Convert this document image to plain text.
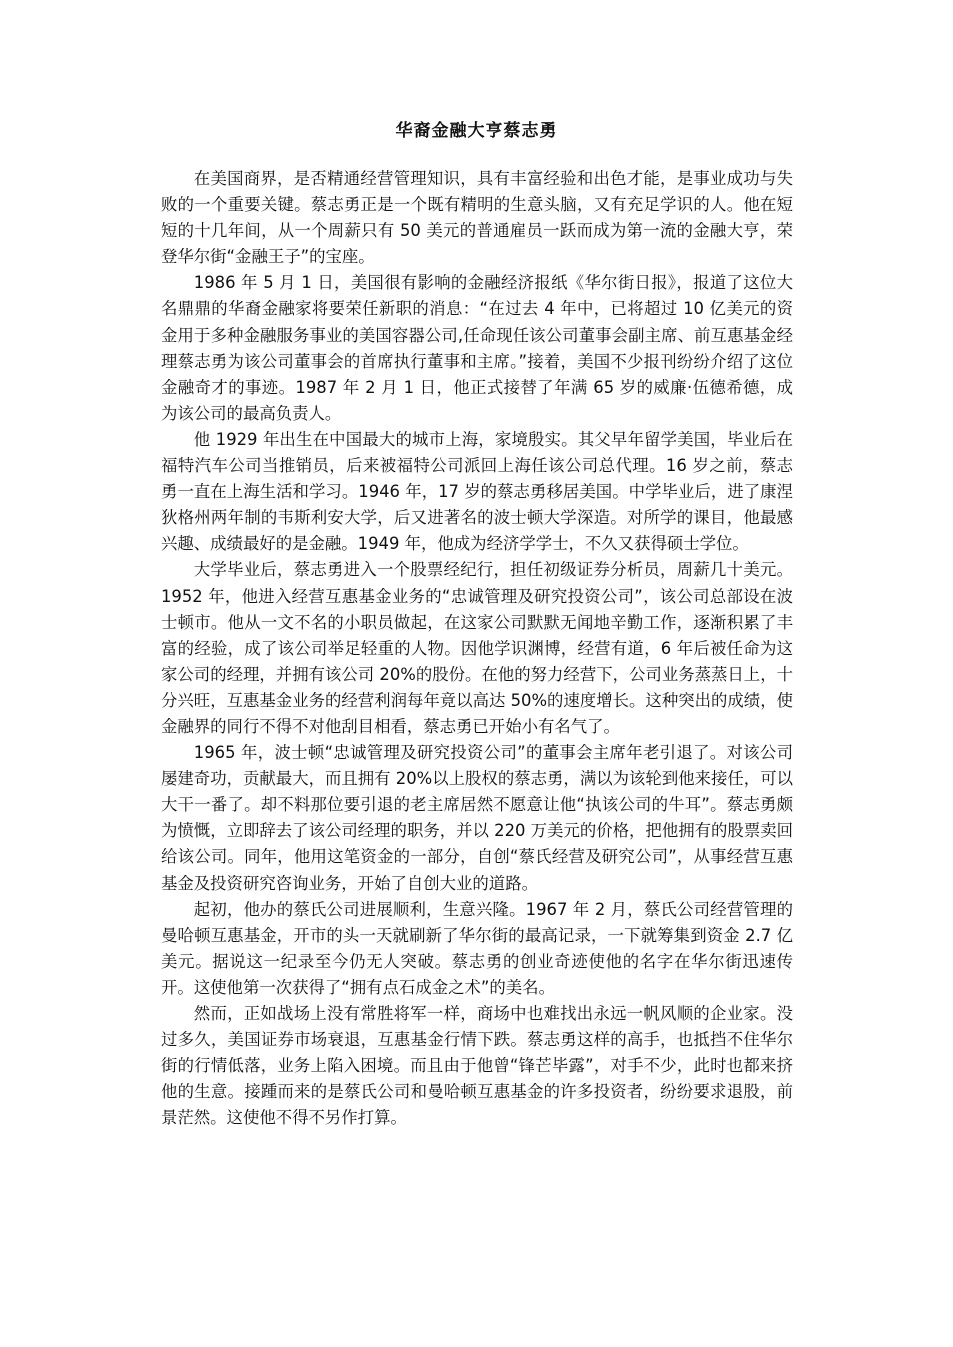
华裔金融大亨蔡志勇

在美国商界，是否精通经营管理知识，具有丰富经验和出色才能，是事业成功与失败的一个重要关键。蔡志勇正是一个既有精明的生意头脑，又有充足学识的人。他在短短的十几年间，从一个周薪只有 50 美元的普通雇员一跃而成为第一流的金融大亨，荣登华尔街“金融王子”的宝座。

1986 年 5 月 1 日，美国很有影响的金融经济报纸《华尔街日报》，报道了这位大名鼎鼎的华裔金融家将要荣任新职的消息：“在过去 4 年中，已将超过 10 亿美元的资金用于多种金融服务事业的美国容器公司,任命现任该公司董事会副主席、前互惠基金经理蔡志勇为该公司董事会的首席执行董事和主席。”接着，美国不少报刊纷纷介绍了这位金融奇才的事迹。1987 年 2 月 1 日，他正式接替了年满 65 岁的威廉·伍德希德，成为该公司的最高负责人。

他 1929 年出生在中国最大的城市上海，家境殷实。其父早年留学美国，毕业后在福特汽车公司当推销员，后来被福特公司派回上海任该公司总代理。16 岁之前，蔡志勇一直在上海生活和学习。1946 年，17 岁的蔡志勇移居美国。中学毕业后，进了康涅狄格州两年制的韦斯利安大学，后又进著名的波士顿大学深造。对所学的课目，他最感兴趣、成绩最好的是金融。1949 年，他成为经济学学士，不久又获得硕士学位。

大学毕业后，蔡志勇进入一个股票经纪行，担任初级证券分析员，周薪几十美元。1952 年，他进入经营互惠基金业务的“忠诚管理及研究投资公司”，该公司总部设在波士顿市。他从一文不名的小职员做起，在这家公司默默无闻地辛勤工作，逐渐积累了丰富的经验，成了该公司举足轻重的人物。因他学识渊博，经营有道，6 年后被任命为这家公司的经理，并拥有该公司 20%的股份。在他的努力经营下，公司业务蒸蒸日上，十分兴旺，互惠基金业务的经营利润每年竟以高达 50%的速度增长。这种突出的成绩，使金融界的同行不得不对他刮目相看，蔡志勇已开始小有名气了。

1965 年，波士顿“忠诚管理及研究投资公司”的董事会主席年老引退了。对该公司屡建奇功，贡献最大，而且拥有 20%以上股权的蔡志勇，满以为该轮到他来接任，可以大干一番了。却不料那位要引退的老主席居然不愿意让他“执该公司的牛耳”。蔡志勇颇为愤慨，立即辞去了该公司经理的职务，并以 220 万美元的价格，把他拥有的股票卖回给该公司。同年，他用这笔资金的一部分，自创“蔡氏经营及研究公司”，从事经营互惠基金及投资研究咨询业务，开始了自创大业的道路。

起初，他办的蔡氏公司进展顺利，生意兴隆。1967 年 2 月，蔡氏公司经营管理的曼哈顿互惠基金，开市的头一天就刷新了华尔街的最高记录，一下就筹集到资金 2.7 亿美元。据说这一纪录至今仍无人突破。蔡志勇的创业奇迹使他的名字在华尔街迅速传开。这使他第一次获得了“拥有点石成金之术”的美名。

然而，正如战场上没有常胜将军一样，商场中也难找出永远一帆风顺的企业家。没过多久，美国证券市场衰退，互惠基金行情下跌。蔡志勇这样的高手，也抵挡不住华尔街的行情低落，业务上陷入困境。而且由于他曾“锋芒毕露”，对手不少，此时也都来挤他的生意。接踵而来的是蔡氏公司和曼哈顿互惠基金的许多投资者，纷纷要求退股，前景茫然。这使他不得不另作打算。
